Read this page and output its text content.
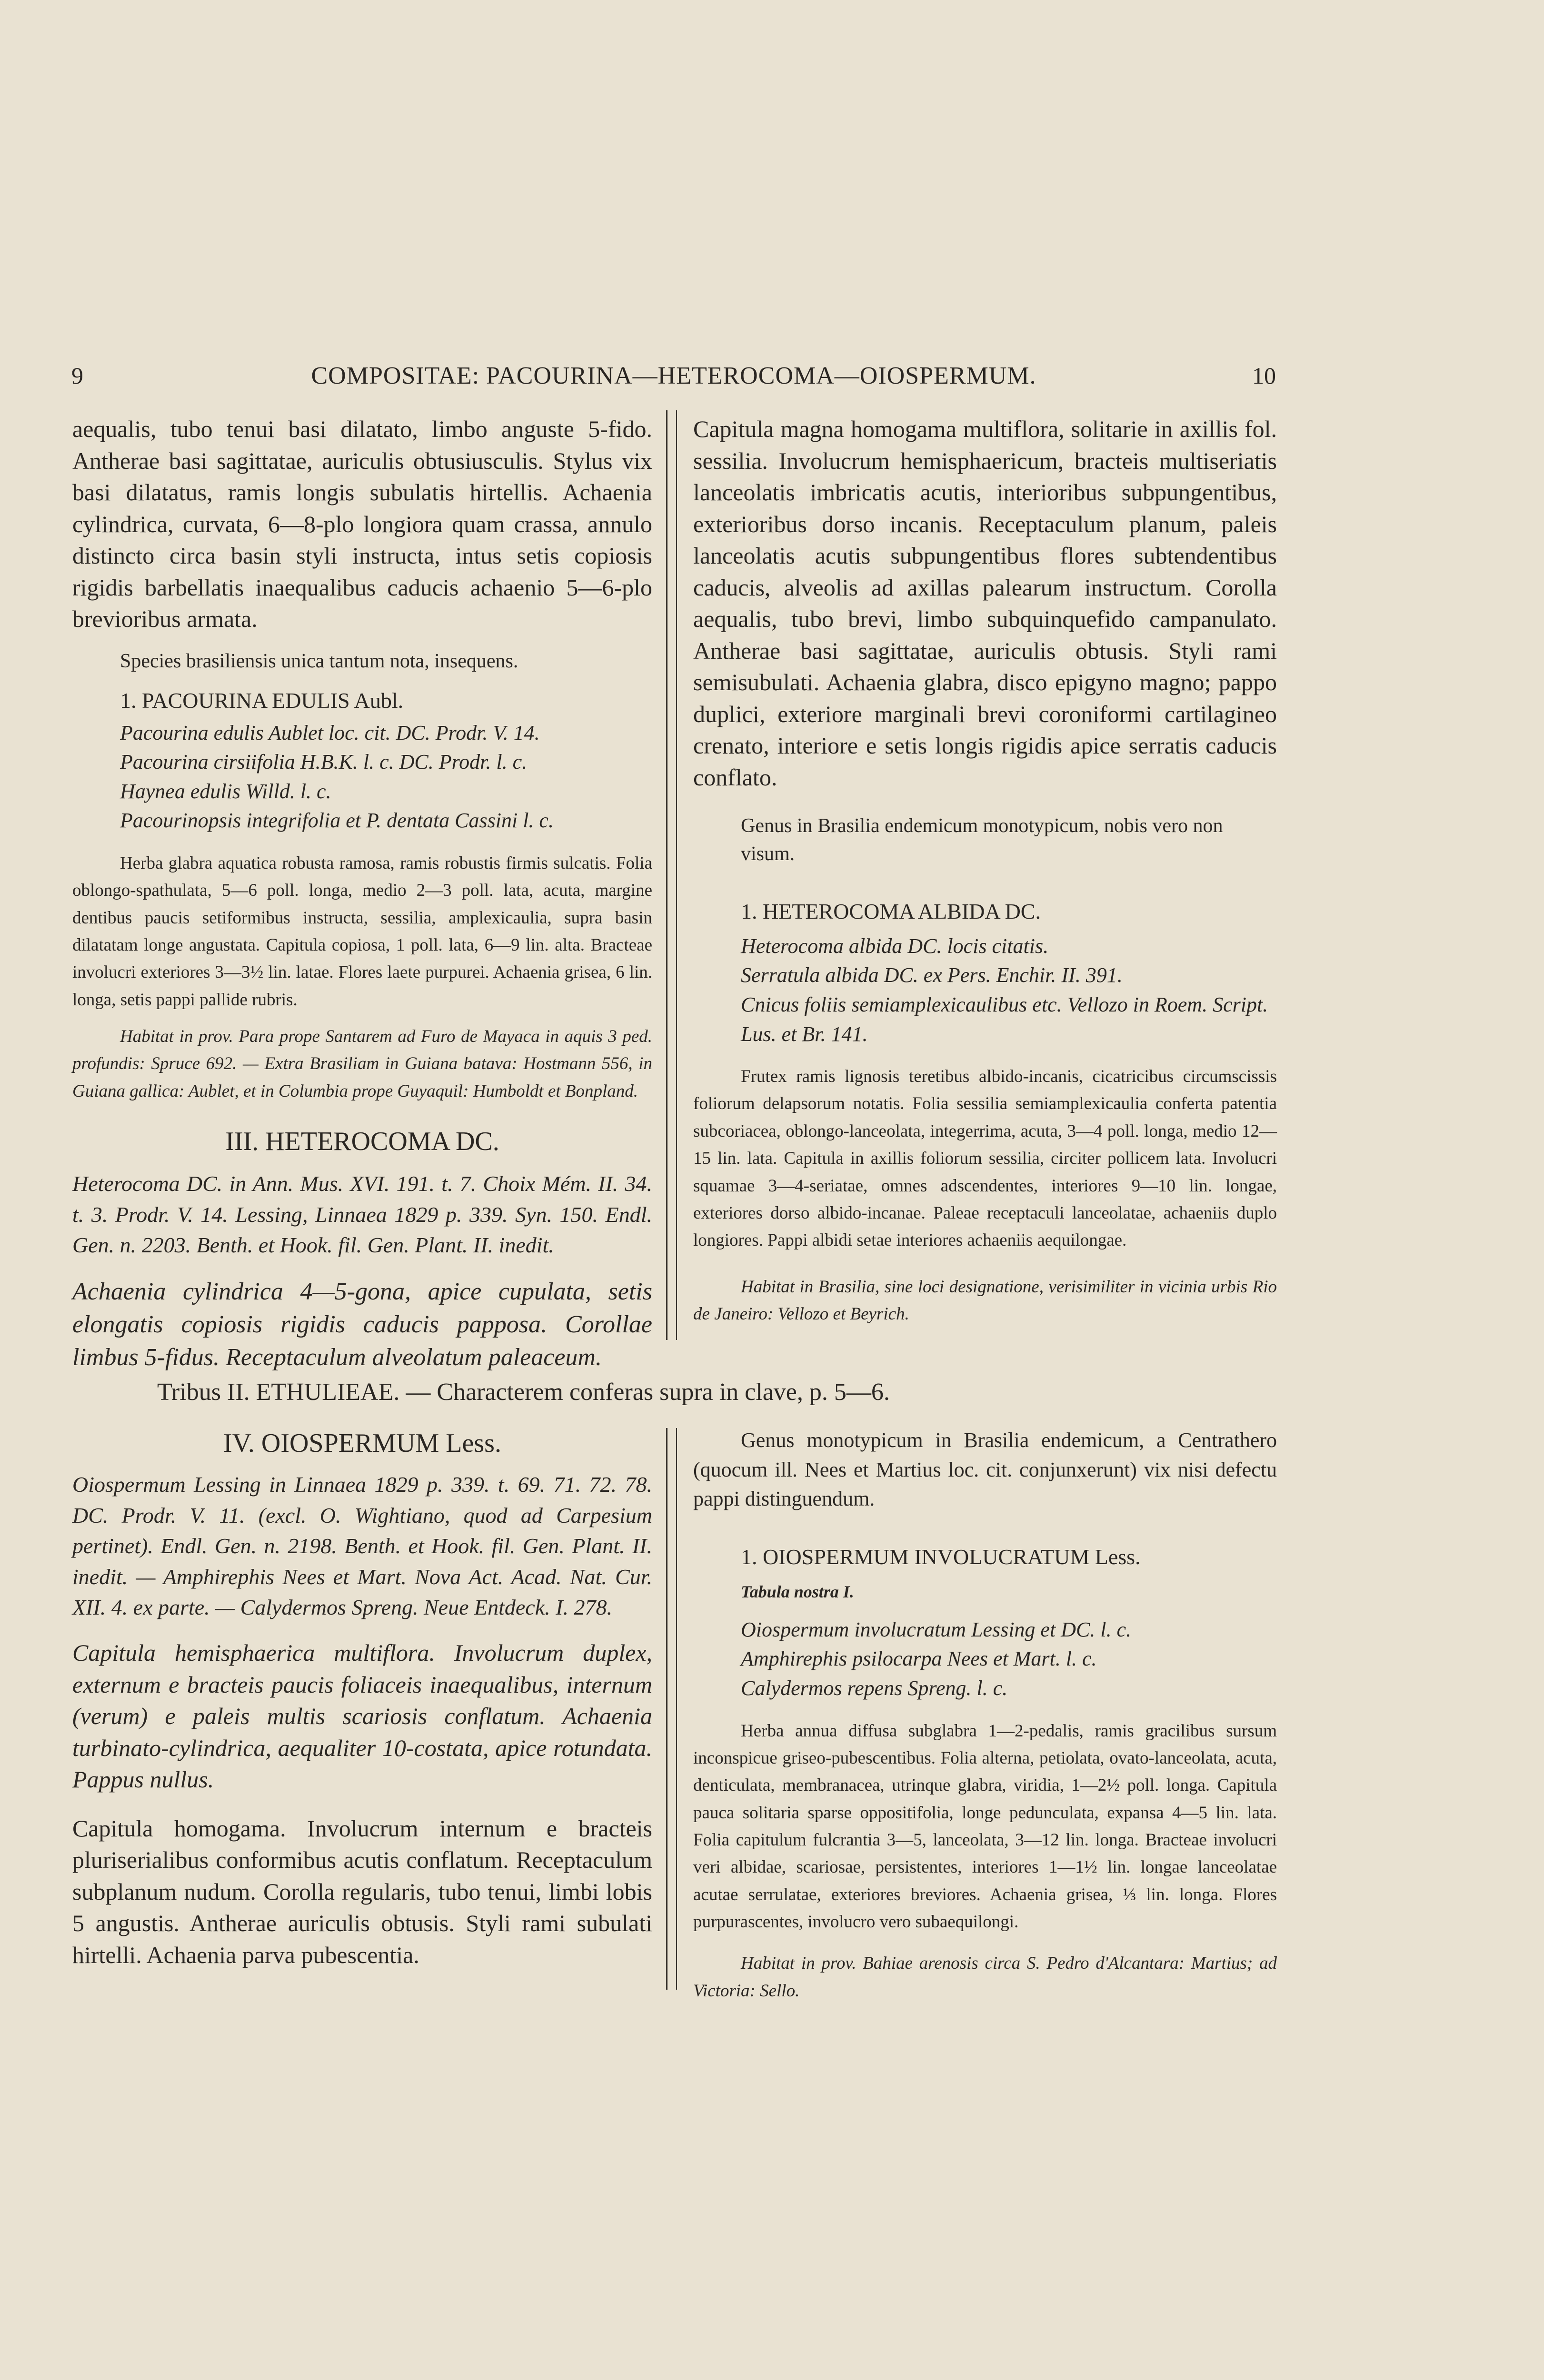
9	COMPOSITAE: PACOURINA—HETEROCOMA—OIOSPERMUM.	10

aequalis, tubo tenui basi dilatato, limbo anguste 5-fido. Antherae basi sagittatae, auriculis obtusiusculis. Stylus vix basi dilatatus, ramis longis subulatis hirtellis. Achaenia cylindrica, curvata, 6—8-plo longiora quam crassa, annulo distincto circa basin styli instructa, intus setis copiosis rigidis barbellatis inaequalibus caducis achaenio 5—6-plo brevioribus armata.

Species brasiliensis unica tantum nota, insequens.

1. PACOURINA EDULIS Aubl.

Pacourina edulis Aublet loc. cit. DC. Prodr. V. 14.

Pacourina cirsiifolia H.B.K. l. c. DC. Prodr. l. c.

Haynea edulis Willd. l. c.

Pacourinopsis integrifolia et P. dentata Cassini l. c.

Herba glabra aquatica robusta ramosa, ramis robustis firmis sulcatis. Folia oblongo-spathulata, 5—6 poll. longa, medio 2—3 poll. lata, acuta, margine dentibus paucis setiformibus instructa, sessilia, amplexicaulia, supra basin dilatatam longe angustata. Capitula copiosa, 1 poll. lata, 6—9 lin. alta. Bracteae involucri exteriores 3—3½ lin. latae. Flores laete purpurei. Achaenia grisea, 6 lin. longa, setis pappi pallide rubris.

Habitat in prov. Para prope Santarem ad Furo de Mayaca in aquis 3 ped. profundis: Spruce 692. — Extra Brasiliam in Guiana batava: Hostmann 556, in Guiana gallica: Aublet, et in Columbia prope Guyaquil: Humboldt et Bonpland.

III. HETEROCOMA DC.

Heterocoma DC. in Ann. Mus. XVI. 191. t. 7. Choix Mém. II. 34. t. 3. Prodr. V. 14. Lessing, Linnaea 1829 p. 339. Syn. 150. Endl. Gen. n. 2203. Benth. et Hook. fil. Gen. Plant. II. inedit.

Achaenia cylindrica 4—5-gona, apice cupulata, setis elongatis copiosis rigidis caducis papposa. Corollae limbus 5-fidus. Receptaculum alveolatum paleaceum.

Capitula magna homogama multiflora, solitarie in axillis fol. sessilia. Involucrum hemisphaericum, bracteis multiseriatis lanceolatis imbricatis acutis, interioribus subpungentibus, exterioribus dorso incanis. Receptaculum planum, paleis lanceolatis acutis subpungentibus flores subtendentibus caducis, alveolis ad axillas palearum instructum. Corolla aequalis, tubo brevi, limbo subquinquefido campanulato. Antherae basi sagittatae, auriculis obtusis. Styli rami semisubulati. Achaenia glabra, disco epigyno magno; pappo duplici, exteriore marginali brevi coroniformi cartilagineo crenato, interiore e setis longis rigidis apice serratis caducis conflato.

Genus in Brasilia endemicum monotypicum, nobis vero non visum.

1. HETEROCOMA ALBIDA DC.

Heterocoma albida DC. locis citatis.

Serratula albida DC. ex Pers. Enchir. II. 391.

Cnicus foliis semiamplexicaulibus etc. Vellozo in Roem. Script. Lus. et Br. 141.

Frutex ramis lignosis teretibus albido-incanis, cicatricibus circumscissis foliorum delapsorum notatis. Folia sessilia semiamplexicaulia conferta patentia subcoriacea, oblongo-lanceolata, integerrima, acuta, 3—4 poll. longa, medio 12—15 lin. lata. Capitula in axillis foliorum sessilia, circiter pollicem lata. Involucri squamae 3—4-seriatae, omnes adscendentes, interiores 9—10 lin. longae, exteriores dorso albido-incanae. Paleae receptaculi lanceolatae, achaeniis duplo longiores. Pappi albidi setae interiores achaeniis aequilongae.

Habitat in Brasilia, sine loci designatione, verisimiliter in vicinia urbis Rio de Janeiro: Vellozo et Beyrich.

Tribus II. ETHULIEAE. — Characterem conferas supra in clave, p. 5—6.

IV. OIOSPERMUM Less.

Oiospermum Lessing in Linnaea 1829 p. 339. t. 69. 71. 72. 78. DC. Prodr. V. 11. (excl. O. Wightiano, quod ad Carpesium pertinet). Endl. Gen. n. 2198. Benth. et Hook. fil. Gen. Plant. II. inedit. — Amphirephis Nees et Mart. Nova Act. Acad. Nat. Cur. XII. 4. ex parte. — Calydermos Spreng. Neue Entdeck. I. 278.

Capitula hemisphaerica multiflora. Involucrum duplex, externum e bracteis paucis foliaceis inaequalibus, internum (verum) e paleis multis scariosis conflatum. Achaenia turbinato-cylindrica, aequaliter 10-costata, apice rotundata. Pappus nullus.

Capitula homogama. Involucrum internum e bracteis pluriserialibus conformibus acutis conflatum. Receptaculum subplanum nudum. Corolla regularis, tubo tenui, limbi lobis 5 angustis. Antherae auriculis obtusis. Styli rami subulati hirtelli. Achaenia parva pubescentia.

Genus monotypicum in Brasilia endemicum, a Centrathero (quocum ill. Nees et Martius loc. cit. conjunxerunt) vix nisi defectu pappi distinguendum.

1. OIOSPERMUM INVOLUCRATUM Less.

Tabula nostra I.

Oiospermum involucratum Lessing et DC. l. c.

Amphirephis psilocarpa Nees et Mart. l. c.

Calydermos repens Spreng. l. c.

Herba annua diffusa subglabra 1—2-pedalis, ramis gracilibus sursum inconspicue griseo-pubescentibus. Folia alterna, petiolata, ovato-lanceolata, acuta, denticulata, membranacea, utrinque glabra, viridia, 1—2½ poll. longa. Capitula pauca solitaria sparse oppositifolia, longe pedunculata, expansa 4—5 lin. lata. Folia capitulum fulcrantia 3—5, lanceolata, 3—12 lin. longa. Bracteae involucri veri albidae, scariosae, persistentes, interiores 1—1½ lin. longae lanceolatae acutae serrulatae, exteriores breviores. Achaenia grisea, ⅓ lin. longa. Flores purpurascentes, involucro vero subaequilongi.

Habitat in prov. Bahiae arenosis circa S. Pedro d'Alcantara: Martius; ad Victoria: Sello.
